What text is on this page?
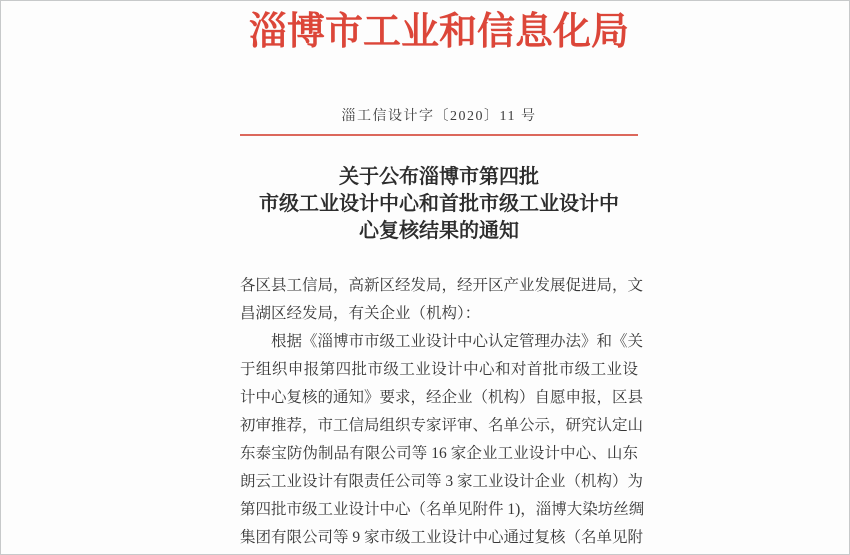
淄博市工业和信息化局
淄工信设计字〔2020〕11 号
关于公布淄博市第四批
市级工业设计中心和首批市级工业设计中
心复核结果的通知
各区县工信局，高新区经发局，经开区产业发展促进局，文
昌湖区经发局，有关企业（机构）：
根据《淄博市市级工业设计中心认定管理办法》和《关
于组织申报第四批市级工业设计中心和对首批市级工业设
计中心复核的通知》要求，经企业（机构）自愿申报，区县
初审推荐，市工信局组织专家评审、名单公示，研究认定山
东泰宝防伪制品有限公司等 16 家企业工业设计中心、山东
朗云工业设计有限责任公司等 3 家工业设计企业（机构）为
第四批市级工业设计中心（名单见附件 1)，淄博大染坊丝绸
集团有限公司等 9 家市级工业设计中心通过复核（名单见附
